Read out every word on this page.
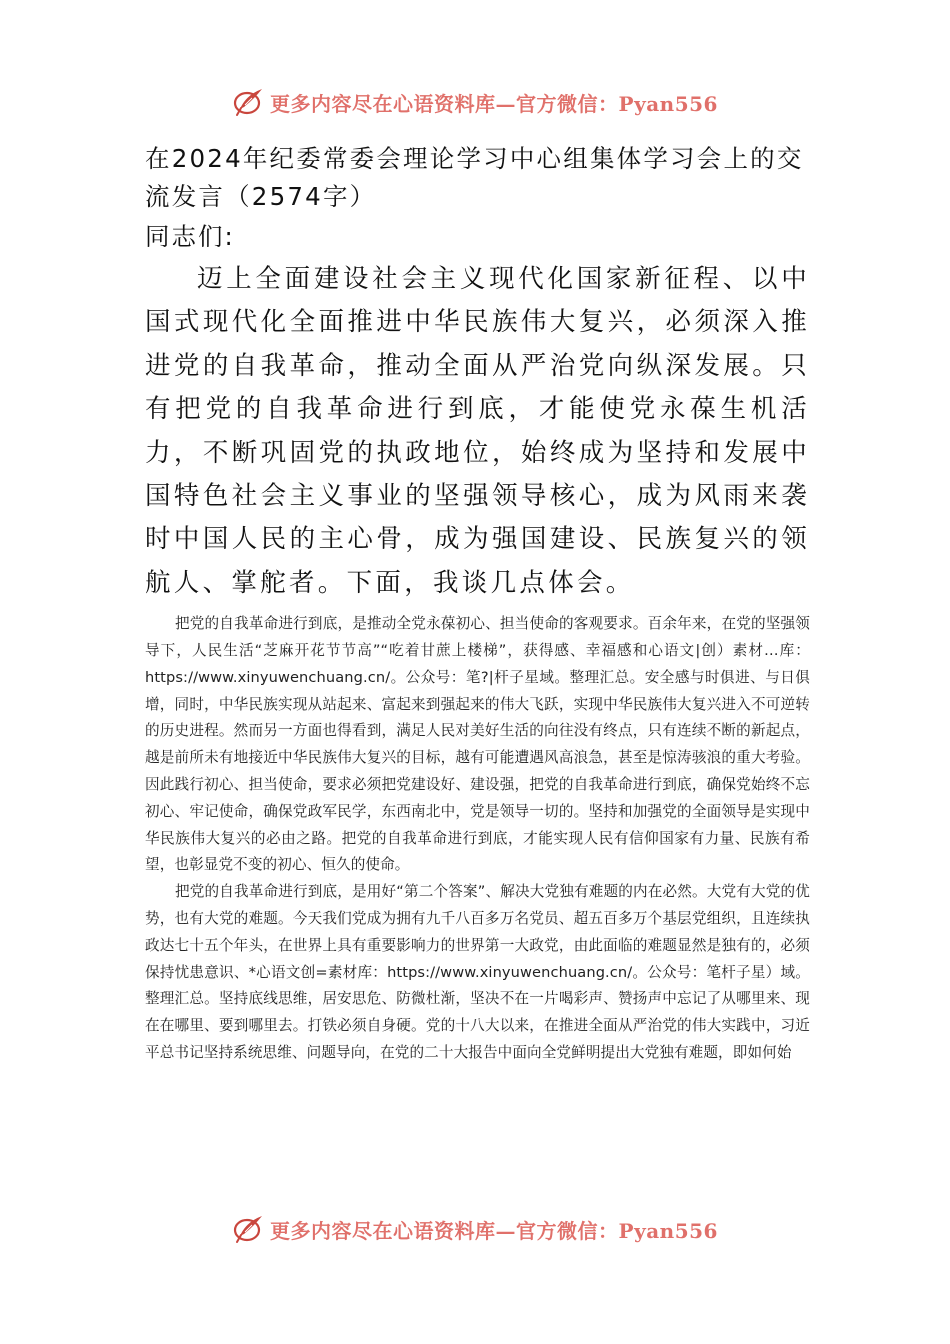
更多内容尽在心语资料库—官方微信：Pyan556
在2024年纪委常委会理论学习中心组集体学习会上的交流发言（2574字）

同志们:

迈上全面建设社会主义现代化国家新征程、以中国式现代化全面推进中华民族伟大复兴，必须深入推进党的自我革命，推动全面从严治党向纵深发展。只有把党的自我革命进行到底，才能使党永葆生机活力，不断巩固党的执政地位，始终成为坚持和发展中国特色社会主义事业的坚强领导核心，成为风雨来袭时中国人民的主心骨，成为强国建设、民族复兴的领航人、掌舵者。下面，我谈几点体会。

把党的自我革命进行到底，是推动全党永葆初心、担当使命的客观要求。百余年来，在党的坚强领导下，人民生活“芝麻开花节节高”“吃着甘蔗上楼梯”，获得感、幸福感和心语文|创）素材…库：https://www.xinyuwenchuang.cn/。公众号：笔?|杆子星域。整理汇总。安全感与时俱进、与日俱增，同时，中华民族实现从站起来、富起来到强起来的伟大飞跃，实现中华民族伟大复兴进入不可逆转的历史进程。然而另一方面也得看到，满足人民对美好生活的向往没有终点，只有连续不断的新起点，越是前所未有地接近中华民族伟大复兴的目标，越有可能遭遇风高浪急，甚至是惊涛骇浪的重大考验。因此践行初心、担当使命，要求必须把党建设好、建设强，把党的自我革命进行到底，确保党始终不忘初心、牢记使命，确保党政军民学，东西南北中，党是领导一切的。坚持和加强党的全面领导是实现中华民族伟大复兴的必由之路。把党的自我革命进行到底，才能实现人民有信仰国家有力量、民族有希望，也彰显党不变的初心、恒久的使命。

把党的自我革命进行到底，是用好“第二个答案”、解决大党独有难题的内在必然。大党有大党的优势，也有大党的难题。今天我们党成为拥有九千八百多万名党员、超五百多万个基层党组织，且连续执政达七十五个年头，在世界上具有重要影响力的世界第一大政党，由此面临的难题显然是独有的，必须保持忧患意识、*心语文创=素材库：https://www.xinyuwenchuang.cn/。公众号：笔杆子星）域。整理汇总。坚持底线思维，居安思危、防微杜渐，坚决不在一片喝彩声、赞扬声中忘记了从哪里来、现在在哪里、要到哪里去。打铁必须自身硬。党的十八大以来，在推进全面从严治党的伟大实践中，习近平总书记坚持系统思维、问题导向，在党的二十大报告中面向全党鲜明提出大党独有难题，即如何始

更多内容尽在心语资料库—官方微信：Pyan556
